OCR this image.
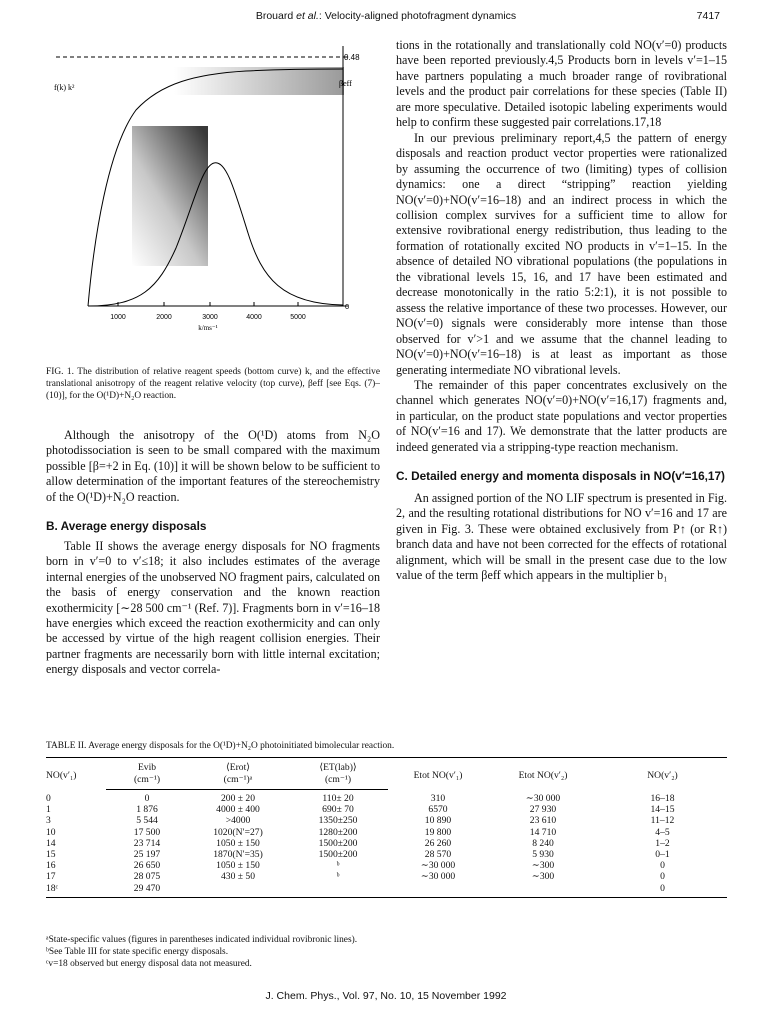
Brouard et al.: Velocity-aligned photofragment dynamics	7417
f(k) k²
0.48
βeff
0
1000	2000	3000	4000	5000
k/ms⁻¹
FIG. 1. The distribution of relative reagent speeds (bottom curve) k, and the effective translational anisotropy of the reagent relative velocity (top curve), βeff [see Eqs. (7)–(10)], for the O(¹D)+N₂O reaction.

Although the anisotropy of the O(¹D) atoms from N₂O photodissociation is seen to be small compared with the maximum possible [β=+2 in Eq. (10)] it will be shown below to be sufficient to allow determination of the important features of the stereochemistry of the O(¹D)+N₂O reaction.

B. Average energy disposals

Table II shows the average energy disposals for NO fragments born in v′=0 to v′≤18; it also includes estimates of the average internal energies of the unobserved NO fragment pairs, calculated on the basis of energy conservation and the known reaction exothermicity [∼28 500 cm⁻¹ (Ref. 7)]. Fragments born in v′=16–18 have energies which exceed the reaction exothermicity and can only be accessed by virtue of the high reagent collision energies. Their partner fragments are necessarily born with little internal excitation; energy disposals and vector correla-

tions in the rotationally and translationally cold NO(v′=0) products have been reported previously.4,5 Products born in levels v′=1–15 have partners populating a much broader range of rovibrational levels and the product pair correlations for these species (Table II) are more speculative. Detailed isotopic labeling experiments would help to confirm these suggested pair correlations.17,18

In our previous preliminary report,4,5 the pattern of energy disposals and reaction product vector properties were rationalized by assuming the occurrence of two (limiting) types of collision dynamics: one a direct “stripping” reaction yielding NO(v′=0)+NO(v′=16–18) and an indirect process in which the collision complex survives for a sufficient time to allow for extensive rovibrational energy redistribution, thus leading to the formation of rotationally excited NO products in v′=1–15. In the absence of detailed NO vibrational populations (the populations in the vibrational levels 15, 16, and 17 have been estimated and decrease monotonically in the ratio 5:2:1), it is not possible to assess the relative importance of these two processes. However, our NO(v′=0) signals were considerably more intense than those observed for v′>1 and we assume that the channel leading to NO(v′=0)+NO(v′=16–18) is at least as important as those generating intermediate NO vibrational levels.

The remainder of this paper concentrates exclusively on the channel which generates NO(v′=0)+NO(v′=16,17) fragments and, in particular, on the product state populations and vector properties of NO(v′=16 and 17). We demonstrate that the latter products are indeed generated via a stripping-type reaction mechanism.

C. Detailed energy and momenta disposals in NO(v′=16,17)

An assigned portion of the NO LIF spectrum is presented in Fig. 2, and the resulting rotational distributions for NO v′=16 and 17 are given in Fig. 3. These were obtained exclusively from P↑ (or R↑) branch data and have not been corrected for the effects of rotational alignment, which will be small in the present case due to the low value of the term βeff which appears in the multiplier b₁

TABLE II. Average energy disposals for the O(¹D)+N₂O photoinitiated bimolecular reaction.
NO(v′₁)	Evib	⟨Erot⟩	⟨ET(lab)⟩	Etot NO(v′₁)	Etot NO(v′₂)	NO(v′₂)
	(cm⁻¹)	(cm⁻¹)ᵃ	(cm⁻¹)			
0	0	200 ± 20	110± 20	310	∼30 000	16–18
1	1 876	4000 ± 400	690± 70	6570	27 930	14–15
3	5 544	>4000	1350±250	10 890	23 610	11–12
10	17 500	1020(N′=27)	1280±200	19 800	14 710	4–5
14	23 714	1050 ± 150	1500±200	26 260	8 240	1–2
15	25 197	1870(N′=35)	1500±200	28 570	5 930	0–1
16	26 650	1050 ± 150	ᵇ	∼30 000	∼300	0
17	28 075	430 ± 50	ᵇ	∼30 000	∼300	0
18ᶜ	29 470					0
ᵃState-specific values (figures in parentheses indicated individual rovibronic lines).
ᵇSee Table III for state specific energy disposals.
ᶜv=18 observed but energy disposal data not measured.
J. Chem. Phys., Vol. 97, No. 10, 15 November 1992
